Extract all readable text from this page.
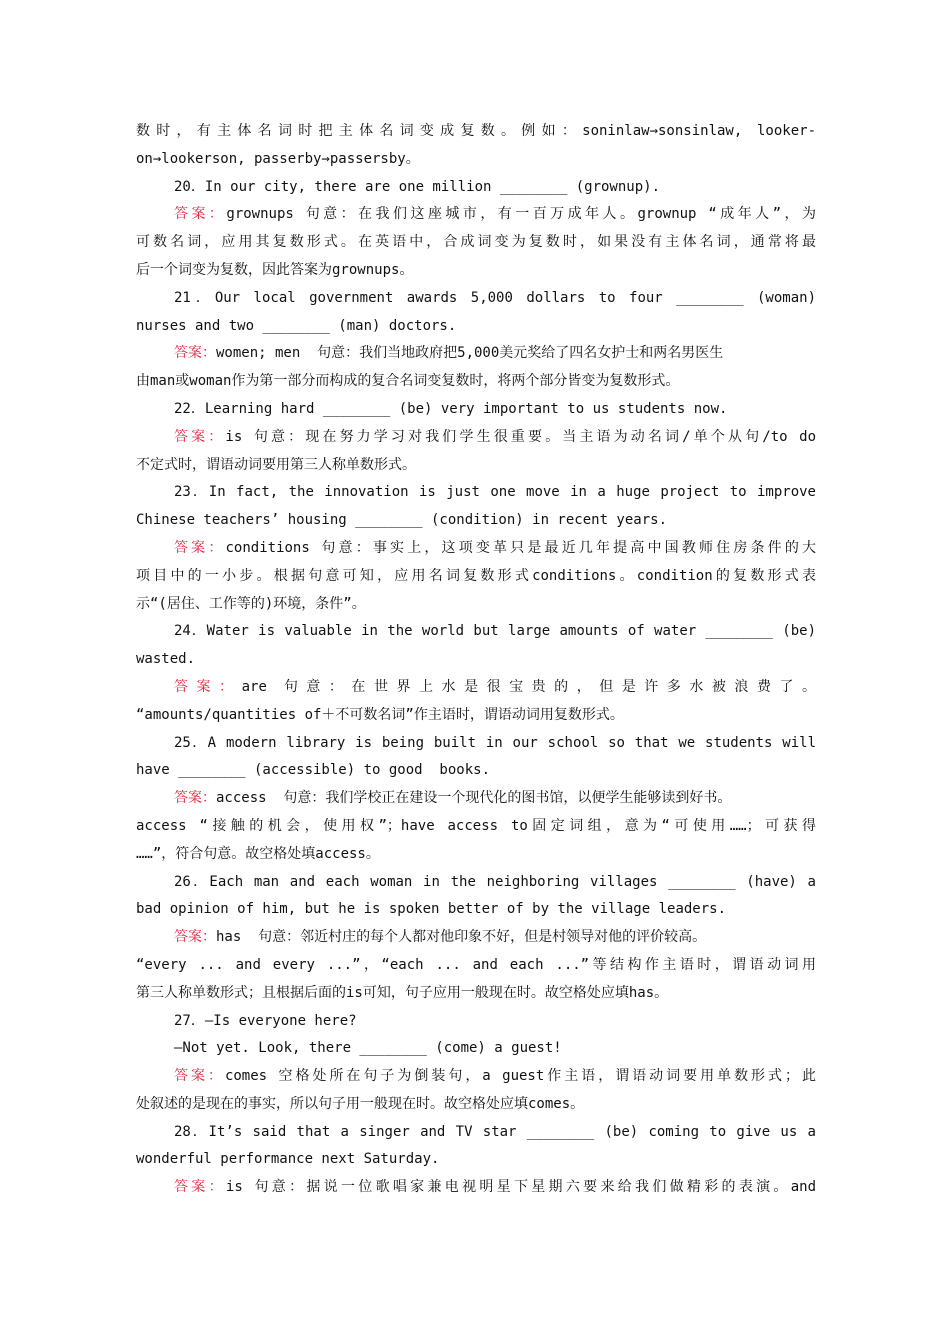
数时，有主体名词时把主体名词变成复数。例如：soninlaw→sonsinlaw, looker-
on→lookerson, passerby→passersby。
20．In our city, there are one million ________ (grownup).
答案：grownups 句意：在我们这座城市，有一百万成年人。grownup “成年人”，为
可数名词，应用其复数形式。在英语中，合成词变为复数时，如果没有主体名词，通常将最
后一个词变为复数，因此答案为grownups。
21．Our local government awards 5,000 dollars to four ________ (woman)
nurses and two ________ (man) doctors.
答案：women; men  句意：我们当地政府把5,000美元奖给了四名女护士和两名男医生
由man或woman作为第一部分而构成的复合名词变复数时，将两个部分皆变为复数形式。
22．Learning hard ________ (be) very important to us students now.
答案：is 句意：现在努力学习对我们学生很重要。当主语为动名词/单个从句/to do
不定式时，谓语动词要用第三人称单数形式。
23．In fact, the innovation is just one move in a huge project to improve
Chinese teachers’ housing ________ (condition) in recent years.
答案：conditions 句意：事实上，这项变革只是最近几年提高中国教师住房条件的大
项目中的一小步。根据句意可知，应用名词复数形式conditions。condition的复数形式表
示“(居住、工作等的)环境，条件”。
24．Water is valuable in the world but large amounts of water ________ (be)
wasted.
答案：are 句意：在世界上水是很宝贵的，但是许多水被浪费了。
“amounts/quantities of＋不可数名词”作主语时，谓语动词用复数形式。
25．A modern library is being built in our school so that we students will
have ________ (accessible) to good  books.
答案：access  句意：我们学校正在建设一个现代化的图书馆，以便学生能够读到好书。
access “接触的机会，使用权”；have access to固定词组，意为“可使用……；可获得
……”，符合句意。故空格处填access。
26．Each man and each woman in the neighboring villages ________ (have) a
bad opinion of him, but he is spoken better of by the village leaders.
答案：has  句意：邻近村庄的每个人都对他印象不好，但是村领导对他的评价较高。
“every ... and every ...”，“each ... and each ...”等结构作主语时，谓语动词用
第三人称单数形式；且根据后面的is可知，句子应用一般现在时。故空格处应填has。
27．—Is everyone here?
—Not yet. Look, there ________ (come) a guest!
答案：comes 空格处所在句子为倒装句，a guest作主语，谓语动词要用单数形式；此
处叙述的是现在的事实，所以句子用一般现在时。故空格处应填comes。
28．It’s said that a singer and TV star ________ (be) coming to give us a
wonderful performance next Saturday.
答案：is 句意：据说一位歌唱家兼电视明星下星期六要来给我们做精彩的表演。and
